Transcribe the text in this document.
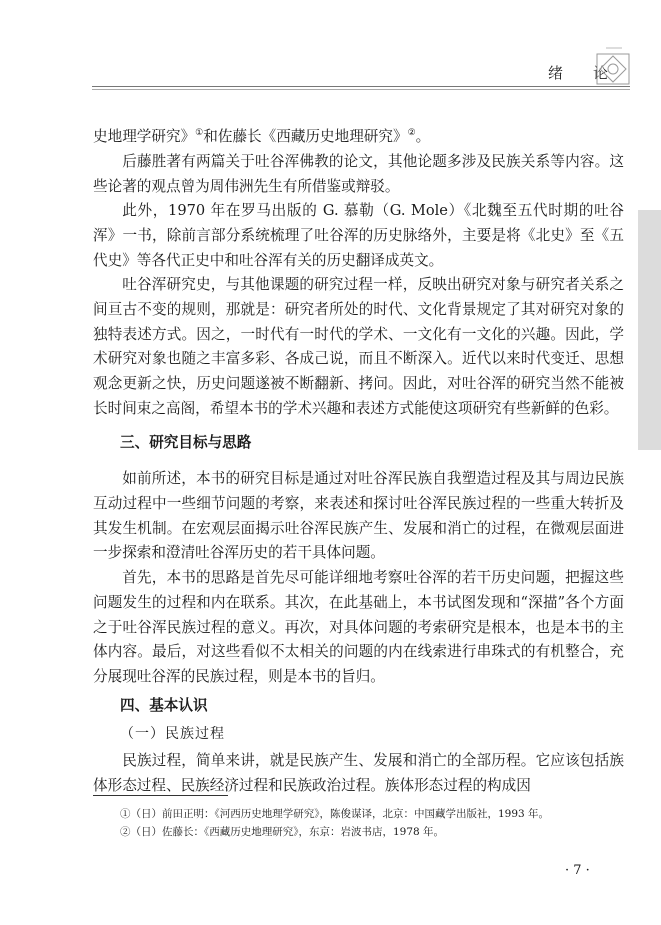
绪论

史地理学研究》①和佐藤长《西藏历史地理研究》②。

后藤胜著有两篇关于吐谷浑佛教的论文，其他论题多涉及民族关系等内容。这些论著的观点曾为周伟洲先生有所借鉴或辩驳。

此外，1970 年在罗马出版的 G. 慕勒（G. Mole）《北魏至五代时期的吐谷浑》一书，除前言部分系统梳理了吐谷浑的历史脉络外，主要是将《北史》至《五代史》等各代正史中和吐谷浑有关的历史翻译成英文。

吐谷浑研究史，与其他课题的研究过程一样，反映出研究对象与研究者关系之间亘古不变的规则，那就是：研究者所处的时代、文化背景规定了其对研究对象的独特表述方式。因之，一时代有一时代的学术、一文化有一文化的兴趣。因此，学术研究对象也随之丰富多彩、各成己说，而且不断深入。近代以来时代变迁、思想观念更新之快，历史问题遂被不断翻新、拷问。因此，对吐谷浑的研究当然不能被长时间束之高阁，希望本书的学术兴趣和表述方式能使这项研究有些新鲜的色彩。

三、研究目标与思路

如前所述，本书的研究目标是通过对吐谷浑民族自我塑造过程及其与周边民族互动过程中一些细节问题的考察，来表述和探讨吐谷浑民族过程的一些重大转折及其发生机制。在宏观层面揭示吐谷浑民族产生、发展和消亡的过程，在微观层面进一步探索和澄清吐谷浑历史的若干具体问题。

首先，本书的思路是首先尽可能详细地考察吐谷浑的若干历史问题，把握这些问题发生的过程和内在联系。其次，在此基础上，本书试图发现和“深描”各个方面之于吐谷浑民族过程的意义。再次，对具体问题的考索研究是根本，也是本书的主体内容。最后，对这些看似不太相关的问题的内在线索进行串珠式的有机整合，充分展现吐谷浑的民族过程，则是本书的旨归。

四、基本认识

（一）民族过程

民族过程，简单来讲，就是民族产生、发展和消亡的全部历程。它应该包括族体形态过程、民族经济过程和民族政治过程。族体形态过程的构成因

①（日）前田正明：《河西历史地理学研究》，陈俊谋译，北京：中国藏学出版社，1993 年。

②（日）佐藤长：《西藏历史地理研究》，东京：岩波书店，1978 年。

· 7 ·
